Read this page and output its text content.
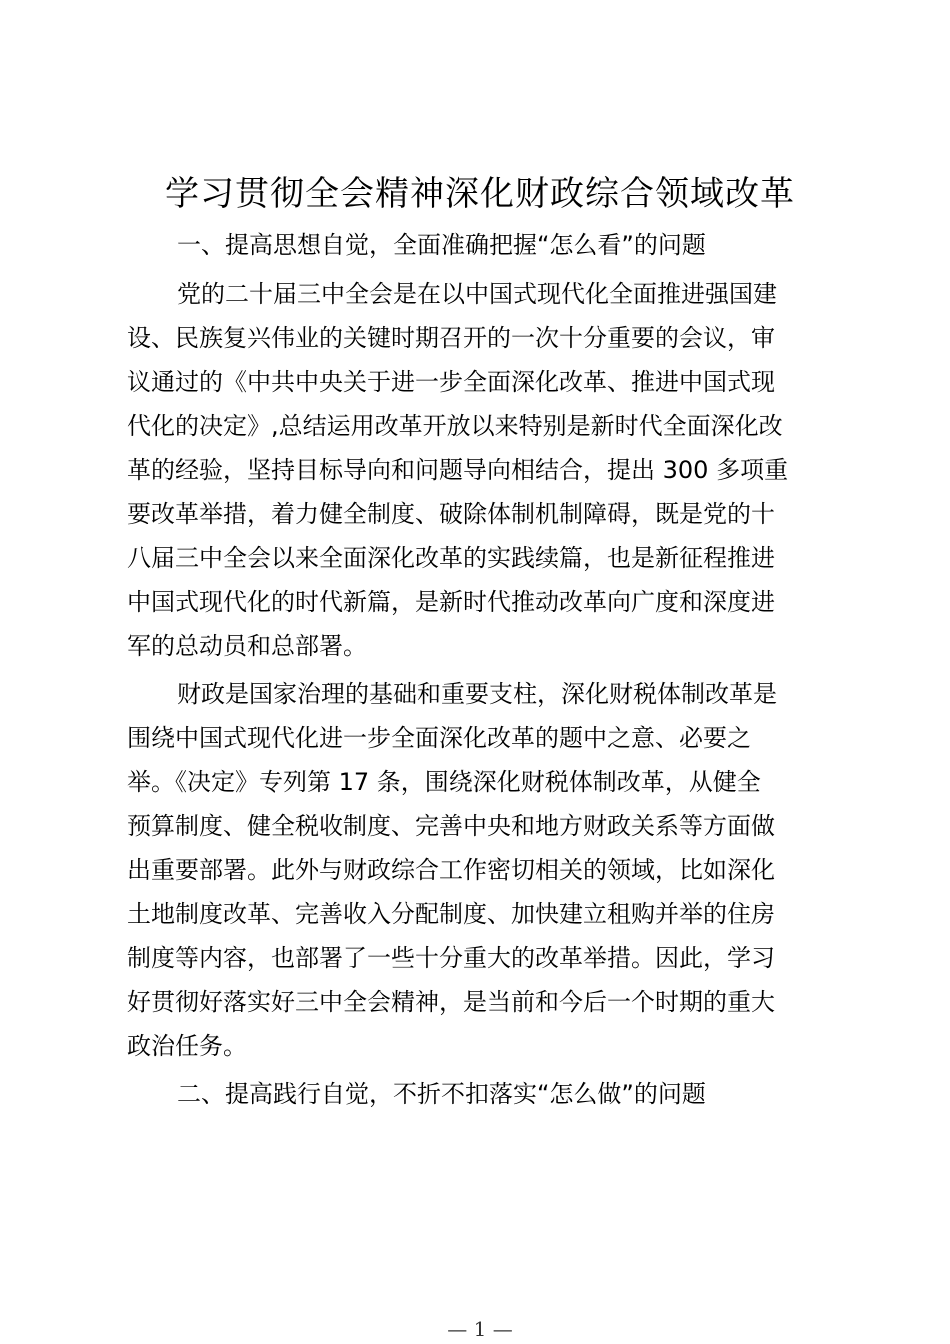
学习贯彻全会精神深化财政综合领域改革
一、提高思想自觉，全面准确把握“怎么看”的问题
党的二十届三中全会是在以中国式现代化全面推进强国建
设、民族复兴伟业的关键时期召开的一次十分重要的会议，审
议通过的《中共中央关于进一步全面深化改革、推进中国式现
代化的决定》,总结运用改革开放以来特别是新时代全面深化改
革的经验，坚持目标导向和问题导向相结合，提出 300 多项重
要改革举措，着力健全制度、破除体制机制障碍，既是党的十
八届三中全会以来全面深化改革的实践续篇，也是新征程推进
中国式现代化的时代新篇，是新时代推动改革向广度和深度进
军的总动员和总部署。
财政是国家治理的基础和重要支柱，深化财税体制改革是
围绕中国式现代化进一步全面深化改革的题中之意、必要之
举。《决定》专列第 17 条，围绕深化财税体制改革，从健全
预算制度、健全税收制度、完善中央和地方财政关系等方面做
出重要部署。此外与财政综合工作密切相关的领域，比如深化
土地制度改革、完善收入分配制度、加快建立租购并举的住房
制度等内容，也部署了一些十分重大的改革举措。因此，学习
好贯彻好落实好三中全会精神，是当前和今后一个时期的重大
政治任务。
二、提高践行自觉，不折不扣落实“怎么做”的问题
— 1 —
